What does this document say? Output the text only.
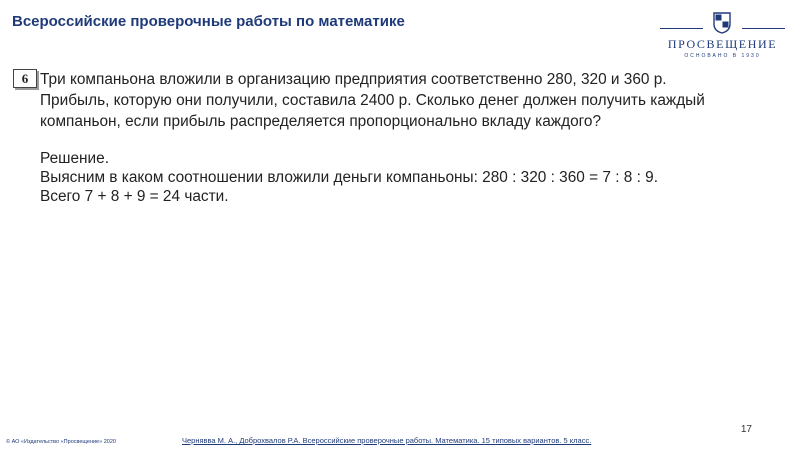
Всероссийские проверочные работы по математике
ПРОСВЕЩЕНИЕ
ОСНОВАНО В 1930
6 Три компаньона вложили в организацию предприятия соответственно 280, 320 и 360 р.
Прибыль, которую они получили, составила 2400 р. Сколько денег должен получить каждый
компаньон, если прибыль распределяется пропорционально вкладу каждого?
Решение.
Выясним в каком соотношении вложили деньги компаньоны: 280 : 320 : 360 = 7 : 8 : 9.
Всего 7 + 8 + 9 = 24 части.
17
© АО «Издательство «Просвещение» 2020	Чернявва М. А., Доброхвалов Р.А. Всероссийские проверочные работы. Математика. 15 типовых вариантов. 5 класс.
